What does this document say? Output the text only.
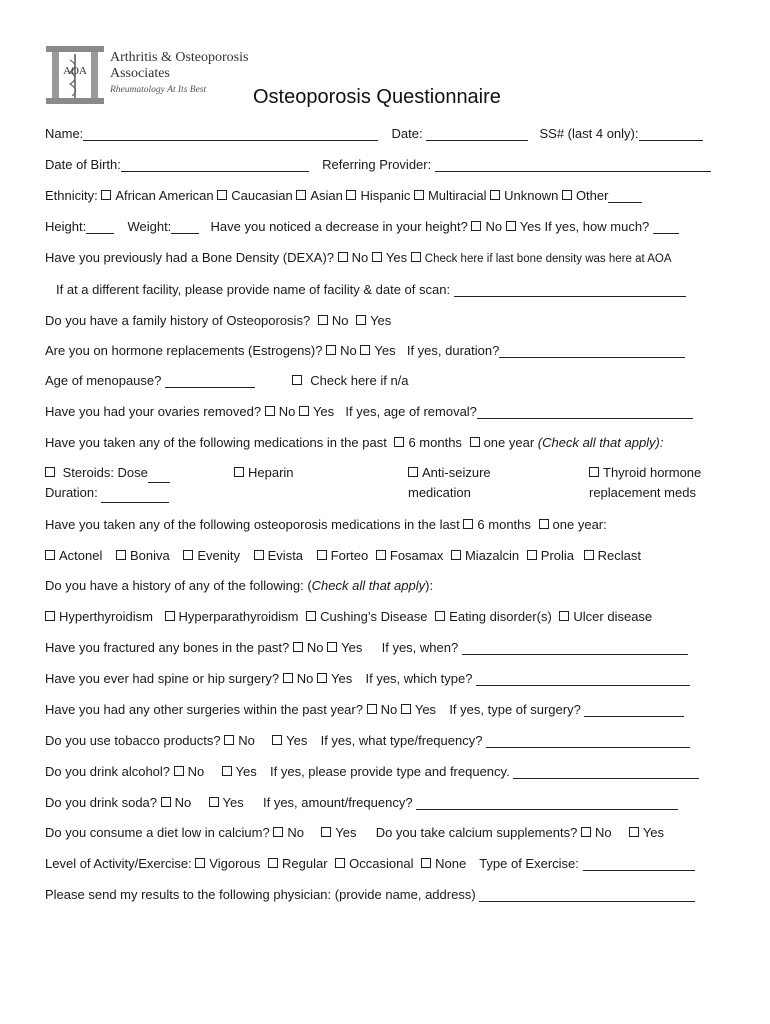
AOA
Arthritis & Osteoporosis
Associates
Rheumatology At Its Best	Osteoporosis Questionnaire
Name:	Date:	SS# (last 4 only):
Date of Birth:	Referring Provider:
Ethnicity: African American Caucasian Asian Hispanic Multiracial Unknown Other
Height:	Weight:	Have you noticed a decrease in your height? No Yes If yes, how much?
Have you previously had a Bone Density (DEXA)? No Yes Check here if last bone density was here at AOA
If at a different facility, please provide name of facility & date of scan:
Do you have a family history of Osteoporosis? No Yes
Are you on hormone replacements (Estrogens)? No Yes If yes, duration?
Age of menopause?	Check here if n/a
Have you had your ovaries removed? No Yes If yes, age of removal?
Have you taken any of the following medications in the past 6 months one year (Check all that apply):
Steroids: Dose
Duration:
Heparin	Anti-seizure
medication
Thyroid hormone
replacement meds
Have you taken any of the following osteoporosis medications in the last 6 months one year:
Actonel Boniva Evenity Evista Forteo Fosamax Miazalcin Prolia Reclast
Do you have a history of any of the following: (Check all that apply):
Hyperthyroidism Hyperparathyroidism Cushing’s Disease Eating disorder(s) Ulcer disease
Have you fractured any bones in the past? No Yes If yes, when?
Have you ever had spine or hip surgery? No Yes If yes, which type?
Have you had any other surgeries within the past year? No Yes If yes, type of surgery?
Do you use tobacco products? No Yes If yes, what type/frequency?
Do you drink alcohol? No Yes If yes, please provide type and frequency.
Do you drink soda? No Yes If yes, amount/frequency?
Do you consume a diet low in calcium? No Yes Do you take calcium supplements? No Yes
Level of Activity/Exercise: Vigorous Regular Occasional None Type of Exercise:
Please send my results to the following physician: (provide name, address)
